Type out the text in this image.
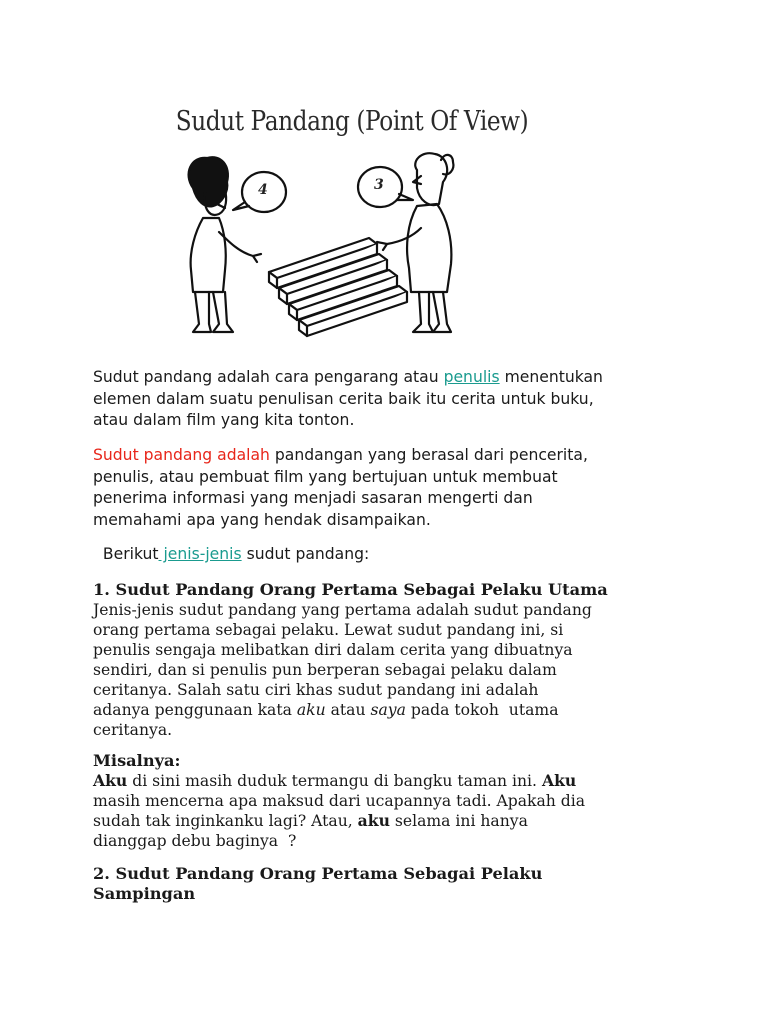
Sudut Pandang (Point Of View)
4	3
Sudut pandang adalah cara pengarang atau penulis menentukan
elemen dalam suatu penulisan cerita baik itu cerita untuk buku,
atau dalam film yang kita tonton.
Sudut pandang adalah pandangan yang berasal dari pencerita,
penulis, atau pembuat film yang bertujuan untuk membuat
penerima informasi yang menjadi sasaran mengerti dan
memahami apa yang hendak disampaikan.
Berikut jenis-jenis sudut pandang:
1. Sudut Pandang Orang Pertama Sebagai Pelaku Utama
Jenis-jenis sudut pandang yang pertama adalah sudut pandang
orang pertama sebagai pelaku. Lewat sudut pandang ini, si
penulis sengaja melibatkan diri dalam cerita yang dibuatnya
sendiri, dan si penulis pun berperan sebagai pelaku dalam
ceritanya. Salah satu ciri khas sudut pandang ini adalah
adanya penggunaan kata aku atau saya pada tokoh  utama
ceritanya.
Misalnya:
Aku di sini masih duduk termangu di bangku taman ini. Aku
masih mencerna apa maksud dari ucapannya tadi. Apakah dia
sudah tak inginkanku lagi? Atau, aku selama ini hanya
dianggap debu baginya  ?
2. Sudut Pandang Orang Pertama Sebagai Pelaku
Sampingan
